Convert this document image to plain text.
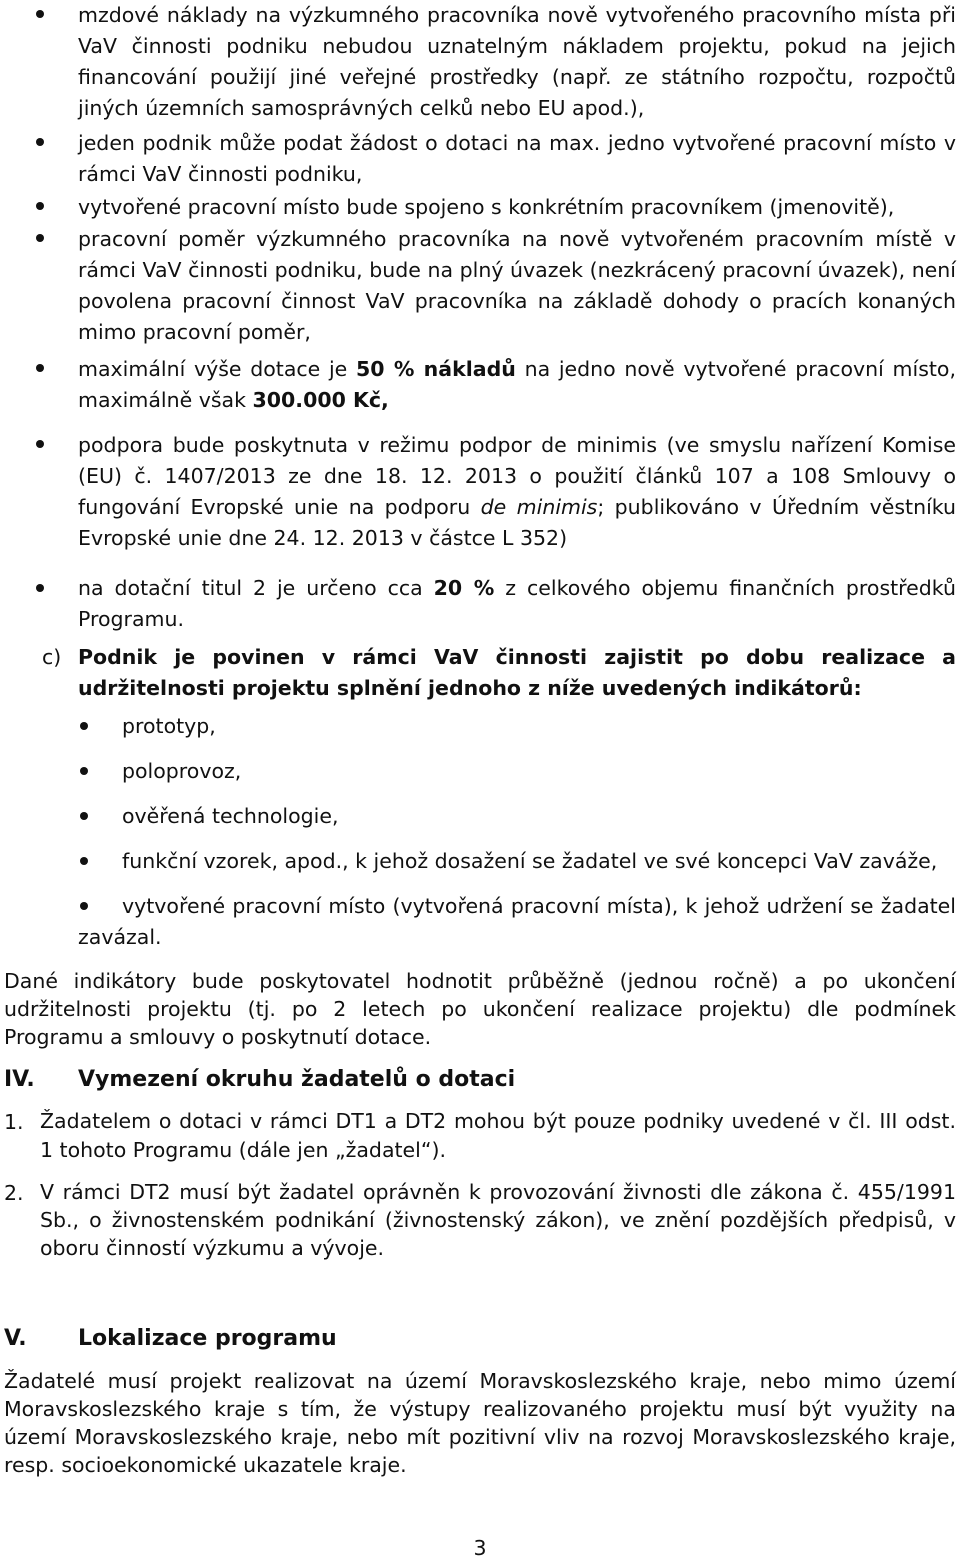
mzdové náklady na výzkumného pracovníka nově vytvořeného pracovního místa při VaV činnosti podniku nebudou uznatelným nákladem projektu, pokud na jejich financování použijí jiné veřejné prostředky (např. ze státního rozpočtu, rozpočtů jiných územních samosprávných celků nebo EU apod.),

jeden podnik může podat žádost o dotaci na max. jedno vytvořené pracovní místo v rámci VaV činnosti podniku,

vytvořené pracovní místo bude spojeno s konkrétním pracovníkem (jmenovitě),

pracovní poměr výzkumného pracovníka na nově vytvořeném pracovním místě v rámci VaV činnosti podniku, bude na plný úvazek (nezkrácený pracovní úvazek), není povolena pracovní činnost VaV pracovníka na základě dohody o pracích konaných mimo pracovní poměr,

maximální výše dotace je 50 % nákladů na jedno nově vytvořené pracovní místo, maximálně však 300.000 Kč,

podpora bude poskytnuta v režimu podpor de minimis (ve smyslu nařízení Komise (EU) č. 1407/2013 ze dne 18. 12. 2013 o použití článků 107 a 108 Smlouvy o fungování Evropské unie na podporu de minimis; publikováno v Úředním věstníku Evropské unie dne 24. 12. 2013 v částce L 352)

na dotační titul 2 je určeno cca 20 % z celkového objemu finančních prostředků Programu.

c) Podnik je povinen v rámci VaV činnosti zajistit po dobu realizace a udržitelnosti projektu splnění jednoho z níže uvedených indikátorů:

prototyp,

poloprovoz,

ověřená technologie,

funkční vzorek, apod., k jehož dosažení se žadatel ve své koncepci VaV zaváže,

vytvořené pracovní místo (vytvořená pracovní místa), k jehož udržení se žadatel zavázal.

Dané indikátory bude poskytovatel hodnotit průběžně (jednou ročně) a po ukončení udržitelnosti projektu (tj. po 2 letech po ukončení realizace projektu) dle podmínek Programu a smlouvy o poskytnutí dotace.

IV. Vymezení okruhu žadatelů o dotaci

1. Žadatelem o dotaci v rámci DT1 a DT2 mohou být pouze podniky uvedené v čl. III odst. 1 tohoto Programu (dále jen „žadatel“).

2. V rámci DT2 musí být žadatel oprávněn k provozování živnosti dle zákona č. 455/1991 Sb., o živnostenském podnikání (živnostenský zákon), ve znění pozdějších předpisů, v oboru činností výzkumu a vývoje.

V. Lokalizace programu

Žadatelé musí projekt realizovat na území Moravskoslezského kraje, nebo mimo území Moravskoslezského kraje s tím, že výstupy realizovaného projektu musí být využity na území Moravskoslezského kraje, nebo mít pozitivní vliv na rozvoj Moravskoslezského kraje, resp. socioekonomické ukazatele kraje.

3
